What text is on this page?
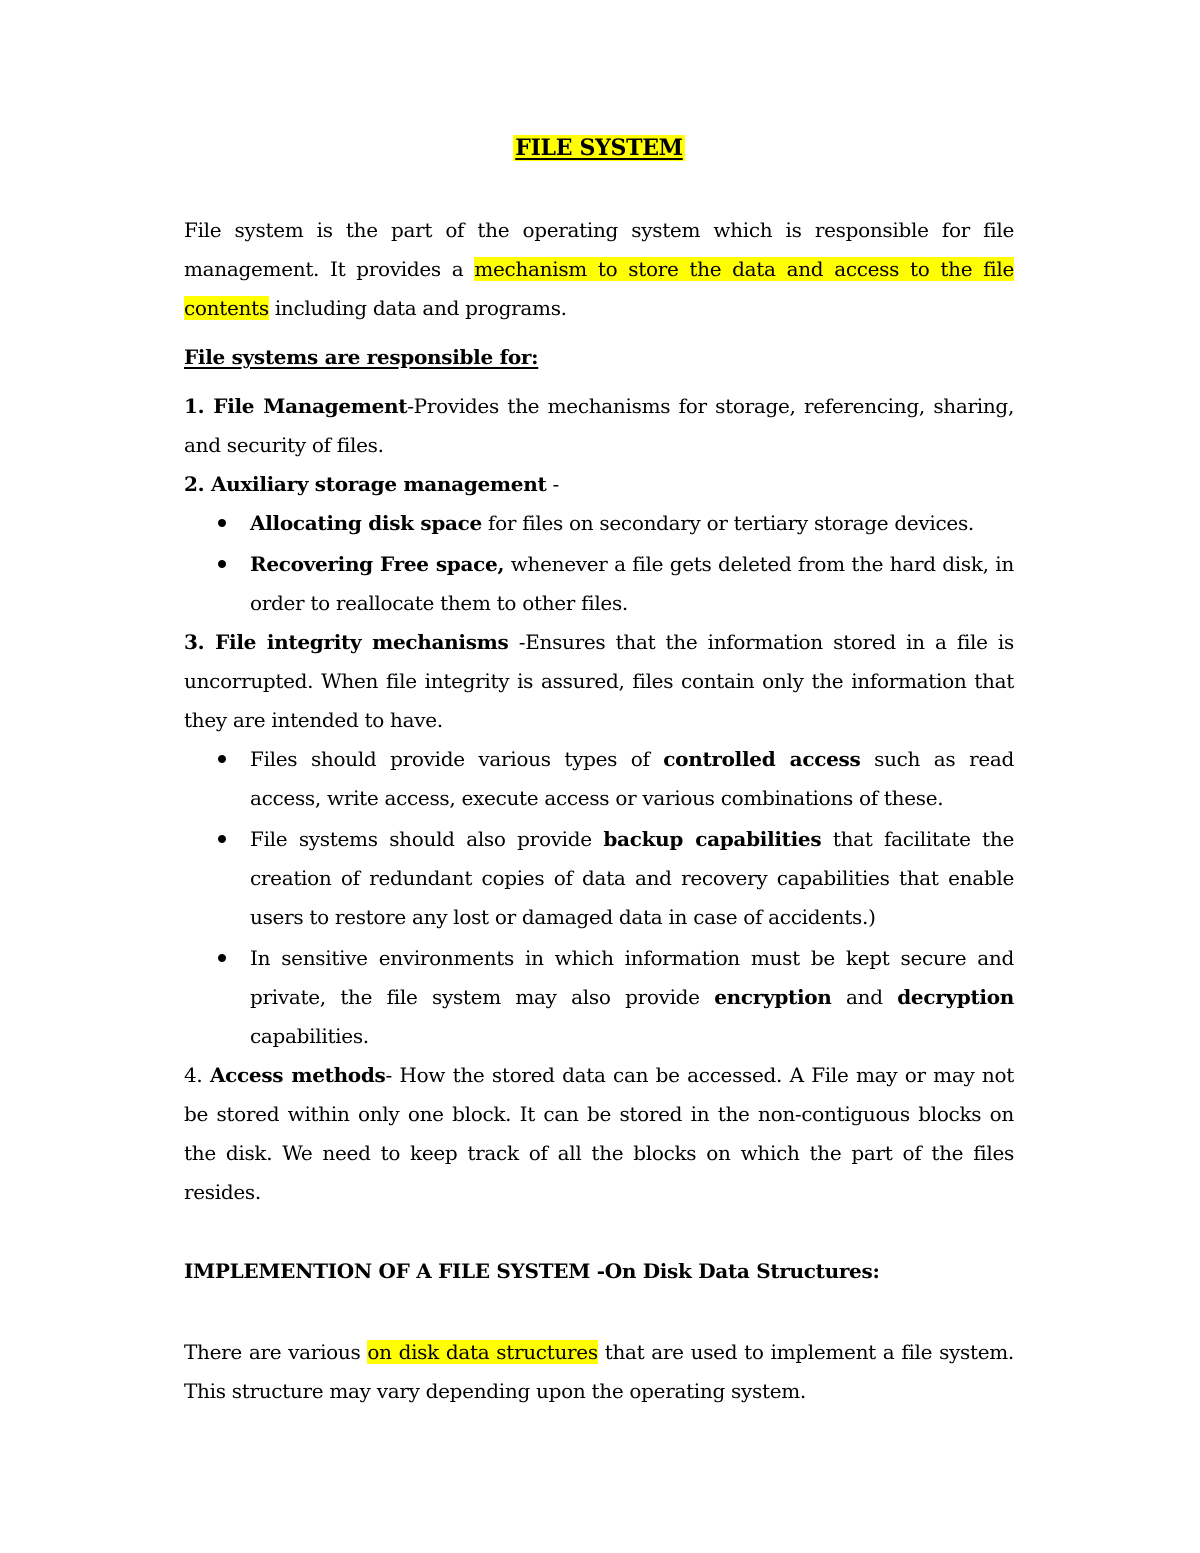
FILE SYSTEM

File system is the part of the operating system which is responsible for file management. It provides a mechanism to store the data and access to the file contents including data and programs.

File systems are responsible for:

1. File Management-Provides the mechanisms for storage, referencing, sharing, and security of files.

2. Auxiliary storage management -

Allocating disk space for files on secondary or tertiary storage devices.
Recovering Free space, whenever a file gets deleted from the hard disk, in order to reallocate them to other files.

3. File integrity mechanisms -Ensures that the information stored in a file is uncorrupted. When file integrity is assured, files contain only the information that they are intended to have.

Files should provide various types of controlled access such as read access, write access, execute access or various combinations of these.
File systems should also provide backup capabilities that facilitate the creation of redundant copies of data and recovery capabilities that enable users to restore any lost or damaged data in case of accidents.)
In sensitive environments in which information must be kept secure and private, the file system may also provide encryption and decryption capabilities.

4. Access methods- How the stored data can be accessed. A File may or may not be stored within only one block. It can be stored in the non-contiguous blocks on the disk. We need to keep track of all the blocks on which the part of the files resides.

IMPLEMENTION OF A FILE SYSTEM -On Disk Data Structures:

There are various on disk data structures that are used to implement a file system. This structure may vary depending upon the operating system.
